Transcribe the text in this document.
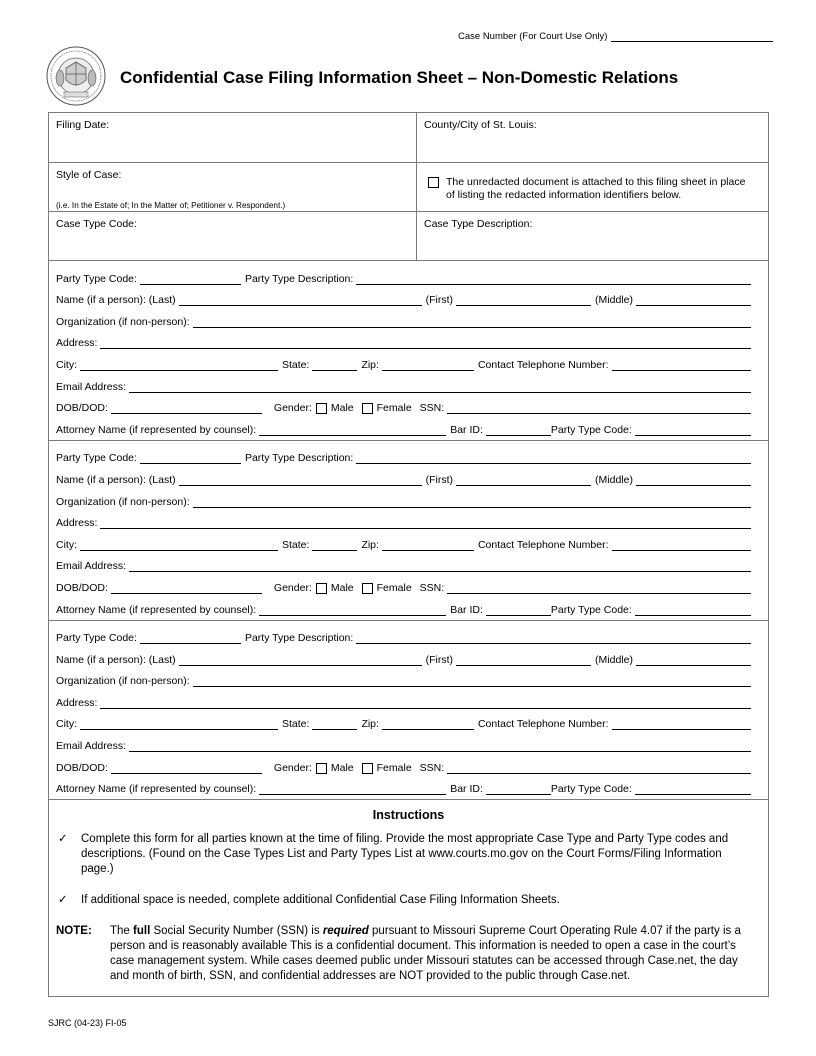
Case Number (For Court Use Only)
Confidential Case Filing Information Sheet – Non-Domestic Relations
Filing Date:	County/City of St. Louis:
Style of Case:
(i.e. In the Estate of; In the Matter of; Petitioner v. Respondent.)
The unredacted document is attached to this filing sheet in place of listing the redacted information identifiers below.
Case Type Code:	Case Type Description:
Party Type Code:	Party Type Description:
Name (if a person): (Last)	(First)	(Middle)
Organization (if non-person):
Address:
City:	State:	Zip:	Contact Telephone Number:
Email Address:
DOB/DOD:	Gender: Male Female SSN:
Attorney Name (if represented by counsel):	Bar ID:	Party Type Code:
Party Type Code:	Party Type Description:
Name (if a person): (Last)	(First)	(Middle)
Organization (if non-person):
Address:
City:	State:	Zip:	Contact Telephone Number:
Email Address:
DOB/DOD:	Gender: Male Female SSN:
Attorney Name (if represented by counsel):	Bar ID:	Party Type Code:
Party Type Code:	Party Type Description:
Name (if a person): (Last)	(First)	(Middle)
Organization (if non-person):
Address:
City:	State:	Zip:	Contact Telephone Number:
Email Address:
DOB/DOD:	Gender: Male Female SSN:
Attorney Name (if represented by counsel):	Bar ID:	Party Type Code:
Instructions
✓	Complete this form for all parties known at the time of filing. Provide the most appropriate Case Type and Party Type codes and descriptions. (Found on the Case Types List and Party Types List at www.courts.mo.gov on the Court Forms/Filing Information page.)
✓	If additional space is needed, complete additional Confidential Case Filing Information Sheets.
NOTE:	The full Social Security Number (SSN) is required pursuant to Missouri Supreme Court Operating Rule 4.07 if the party is a person and is reasonably available This is a confidential document. This information is needed to open a case in the court’s case management system. While cases deemed public under Missouri statutes can be accessed through Case.net, the day and month of birth, SSN, and confidential addresses are NOT provided to the public through Case.net.
SJRC (04-23) FI-05
